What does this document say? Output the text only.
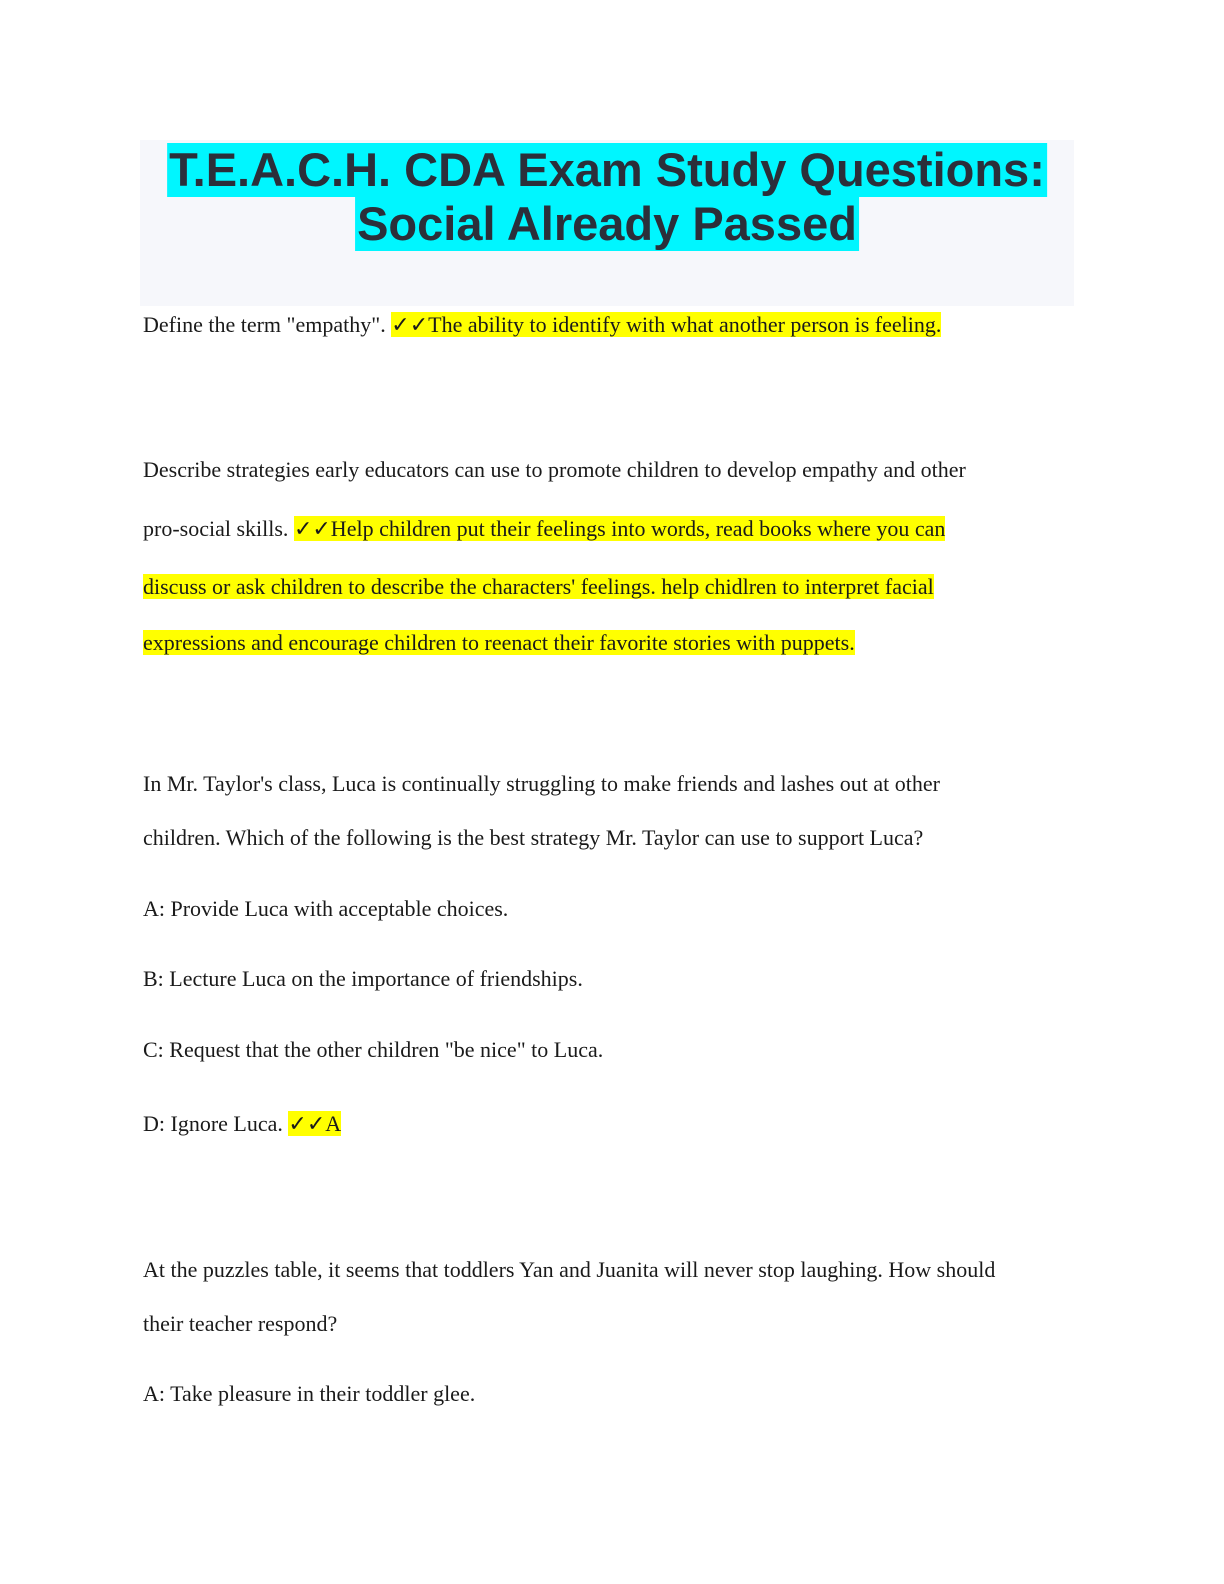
T.E.A.C.H. CDA Exam Study Questions:
Social Already Passed
Define the term "empathy". ✓✓The ability to identify with what another person is feeling.
Describe strategies early educators can use to promote children to develop empathy and other
pro-social skills. ✓✓Help children put their feelings into words, read books where you can
discuss or ask children to describe the characters' feelings. help chidlren to interpret facial
expressions and encourage children to reenact their favorite stories with puppets.
In Mr. Taylor's class, Luca is continually struggling to make friends and lashes out at other
children. Which of the following is the best strategy Mr. Taylor can use to support Luca?
A: Provide Luca with acceptable choices.
B: Lecture Luca on the importance of friendships.
C: Request that the other children "be nice" to Luca.
D: Ignore Luca. ✓✓A
At the puzzles table, it seems that toddlers Yan and Juanita will never stop laughing. How should
their teacher respond?
A: Take pleasure in their toddler glee.
